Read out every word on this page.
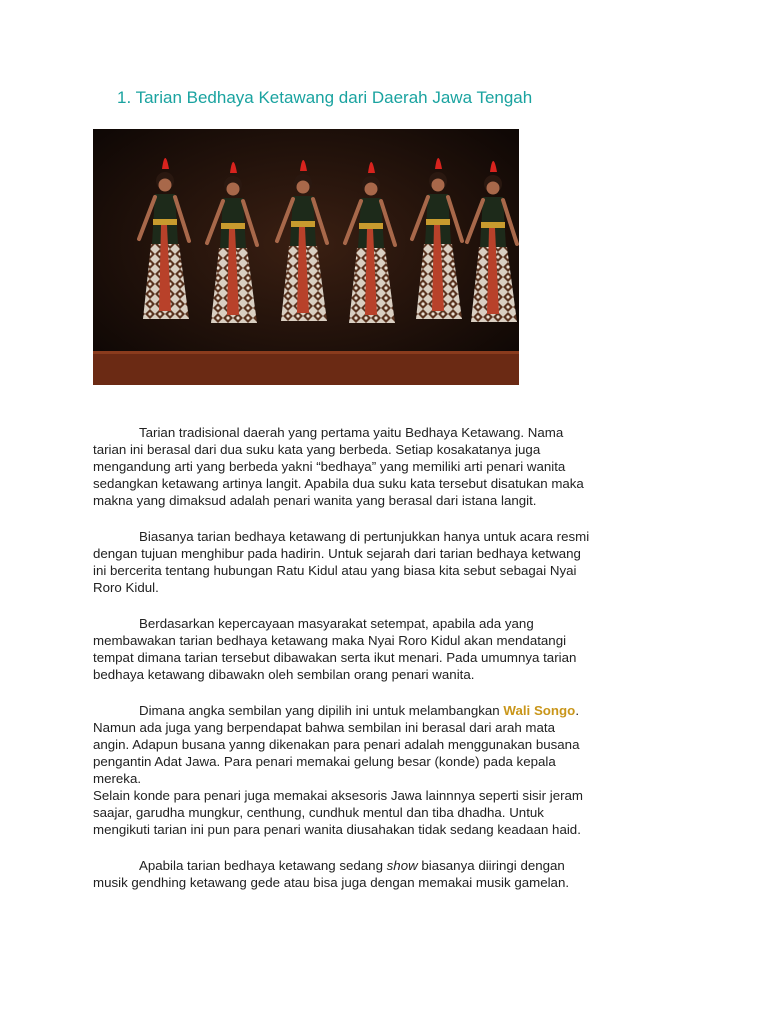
1. Tarian Bedhaya Ketawang dari Daerah Jawa Tengah

Tarian tradisional daerah yang pertama yaitu Bedhaya Ketawang. Nama
tarian ini berasal dari dua suku kata yang berbeda. Setiap kosakatanya juga
mengandung arti yang berbeda yakni “bedhaya” yang memiliki arti penari wanita
sedangkan ketawang artinya langit. Apabila dua suku kata tersebut disatukan maka
makna yang dimaksud adalah penari wanita yang berasal dari istana langit.

Biasanya tarian bedhaya ketawang di pertunjukkan hanya untuk acara resmi
dengan tujuan menghibur pada hadirin. Untuk sejarah dari tarian bedhaya ketwang
ini bercerita tentang hubungan Ratu Kidul atau yang biasa kita sebut sebagai Nyai
Roro Kidul.

Berdasarkan kepercayaan masyarakat setempat, apabila ada yang
membawakan tarian bedhaya ketawang maka Nyai Roro Kidul akan mendatangi
tempat dimana tarian tersebut dibawakan serta ikut menari. Pada umumnya tarian
bedhaya ketawang dibawakn oleh sembilan orang penari wanita.

Dimana angka sembilan yang dipilih ini untuk melambangkan Wali Songo.
Namun ada juga yang berpendapat bahwa sembilan ini berasal dari arah mata
angin. Adapun busana yanng dikenakan para penari adalah menggunakan busana
pengantin Adat Jawa. Para penari memakai gelung besar (konde) pada kepala
mereka.
Selain konde para penari juga memakai aksesoris Jawa lainnnya seperti sisir jeram
saajar, garudha mungkur, centhung, cundhuk mentul dan tiba dhadha. Untuk
mengikuti tarian ini pun para penari wanita diusahakan tidak sedang keadaan haid.

Apabila tarian bedhaya ketawang sedang show biasanya diiringi dengan
musik gendhing ketawang gede atau bisa juga dengan memakai musik gamelan.
